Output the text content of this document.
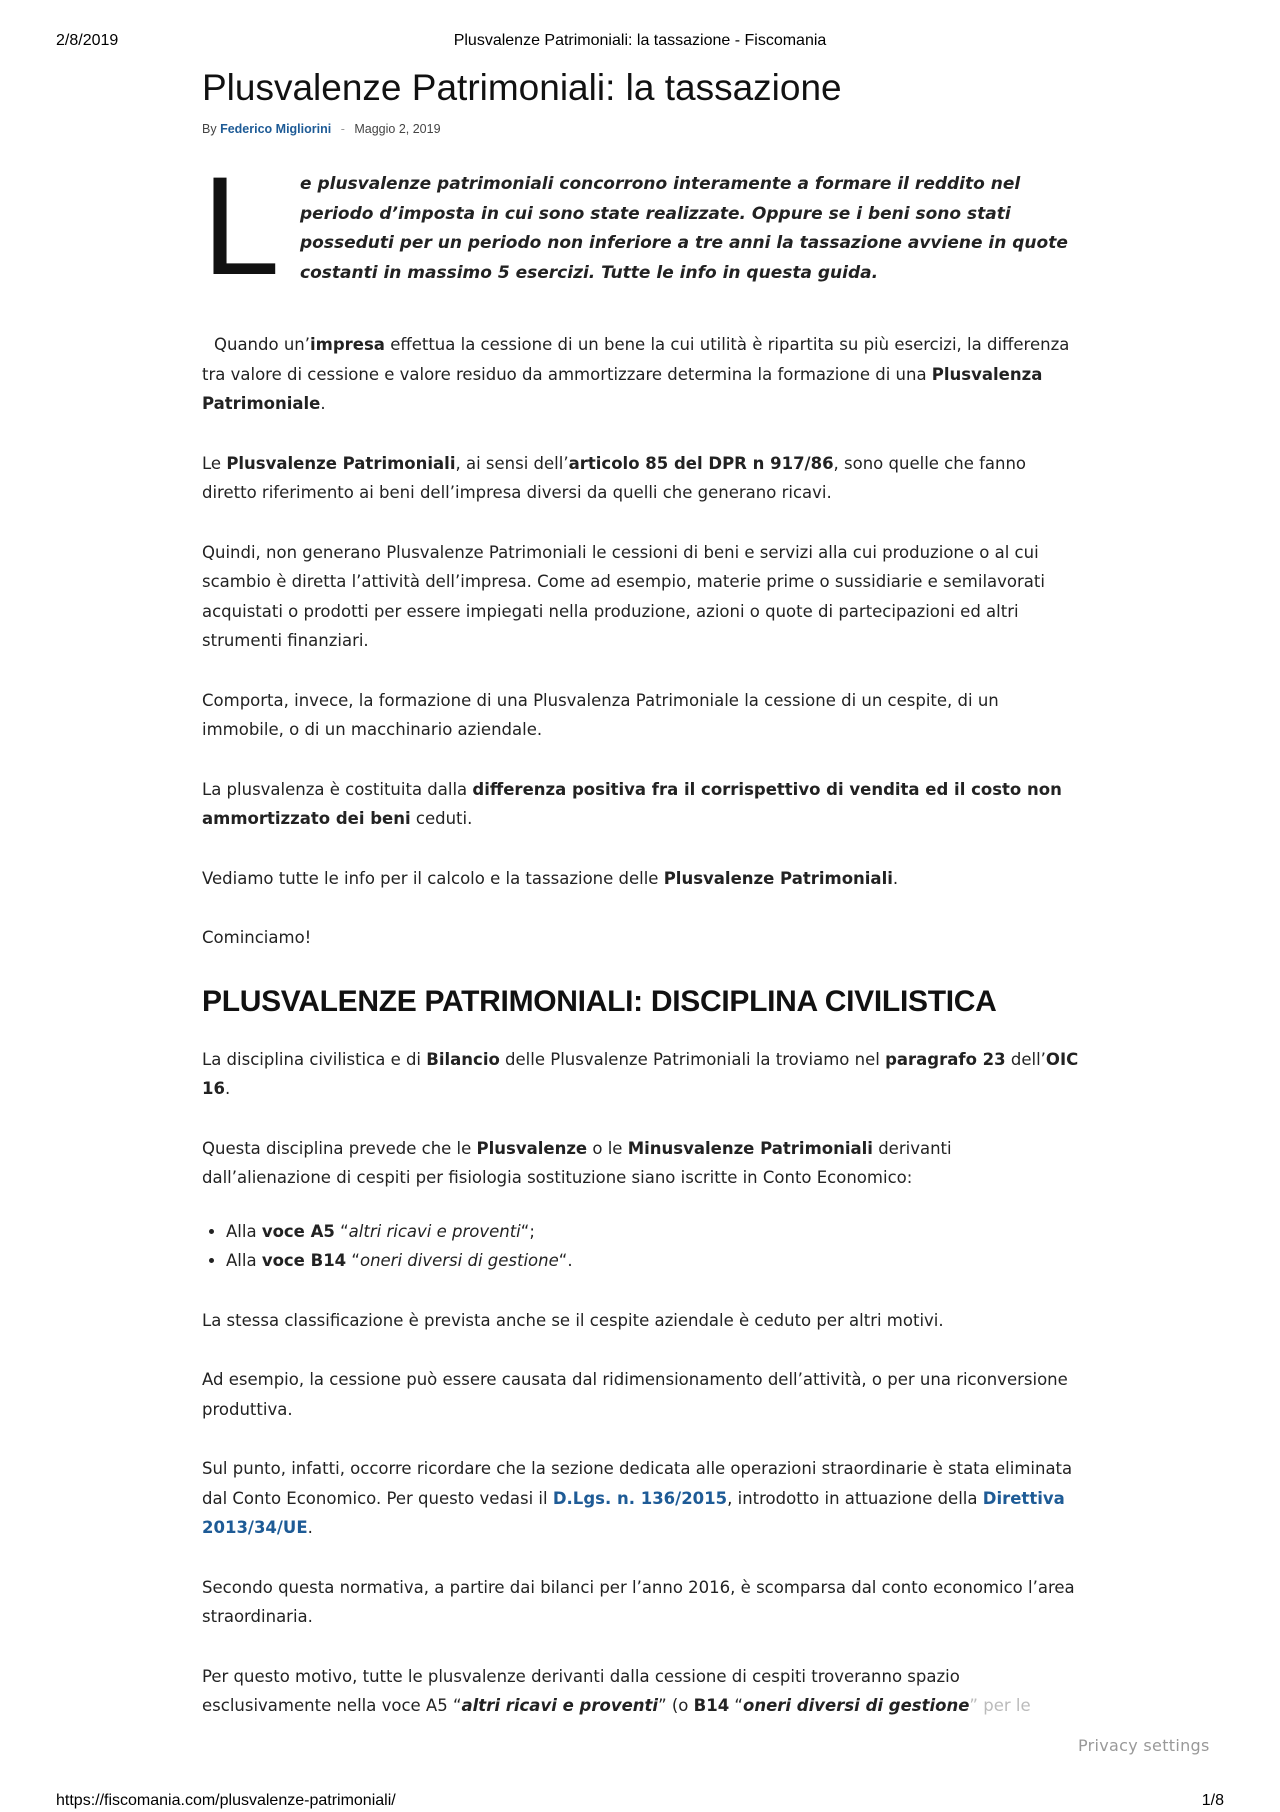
2/8/2019	Plusvalenze Patrimoniali: la tassazione - Fiscomania
Plusvalenze Patrimoniali: la tassazione
By Federico Migliorini - Maggio 2, 2019
L e plusvalenze patrimoniali concorrono interamente a formare il reddito nel periodo d’imposta in cui sono state realizzate. Oppure se i beni sono stati posseduti per un periodo non inferiore a tre anni la tassazione avviene in quote costanti in massimo 5 esercizi. Tutte le info in questa guida.

Quando un’impresa effettua la cessione di un bene la cui utilità è ripartita su più esercizi, la differenza tra valore di cessione e valore residuo da ammortizzare determina la formazione di una Plusvalenza Patrimoniale.

Le Plusvalenze Patrimoniali, ai sensi dell’articolo 85 del DPR n 917/86, sono quelle che fanno diretto riferimento ai beni dell’impresa diversi da quelli che generano ricavi.

Quindi, non generano Plusvalenze Patrimoniali le cessioni di beni e servizi alla cui produzione o al cui scambio è diretta l’attività dell’impresa. Come ad esempio, materie prime o sussidiarie e semilavorati acquistati o prodotti per essere impiegati nella produzione, azioni o quote di partecipazioni ed altri strumenti finanziari.

Comporta, invece, la formazione di una Plusvalenza Patrimoniale la cessione di un cespite, di un immobile, o di un macchinario aziendale.

La plusvalenza è costituita dalla differenza positiva fra il corrispettivo di vendita ed il costo non ammortizzato dei beni ceduti.

Vediamo tutte le info per il calcolo e la tassazione delle Plusvalenze Patrimoniali.

Cominciamo!

PLUSVALENZE PATRIMONIALI: DISCIPLINA CIVILISTICA

La disciplina civilistica e di Bilancio delle Plusvalenze Patrimoniali la troviamo nel paragrafo 23 dell’OIC 16.

Questa disciplina prevede che le Plusvalenze o le Minusvalenze Patrimoniali derivanti dall’alienazione di cespiti per fisiologia sostituzione siano iscritte in Conto Economico:

• Alla voce A5 “altri ricavi e proventi“;
• Alla voce B14 “oneri diversi di gestione“.

La stessa classificazione è prevista anche se il cespite aziendale è ceduto per altri motivi.

Ad esempio, la cessione può essere causata dal ridimensionamento dell’attività, o per una riconversione produttiva.

Sul punto, infatti, occorre ricordare che la sezione dedicata alle operazioni straordinarie è stata eliminata dal Conto Economico. Per questo vedasi il D.Lgs. n. 136/2015, introdotto in attuazione della Direttiva 2013/34/UE.

Secondo questa normativa, a partire dai bilanci per l’anno 2016, è scomparsa dal conto economico l’area straordinaria.

Per questo motivo, tutte le plusvalenze derivanti dalla cessione di cespiti troveranno spazio esclusivamente nella voce A5 “altri ricavi e proventi” (o B14 “oneri diversi di gestione” per le

Privacy settings
https://fiscomania.com/plusvalenze-patrimoniali/	1/8
